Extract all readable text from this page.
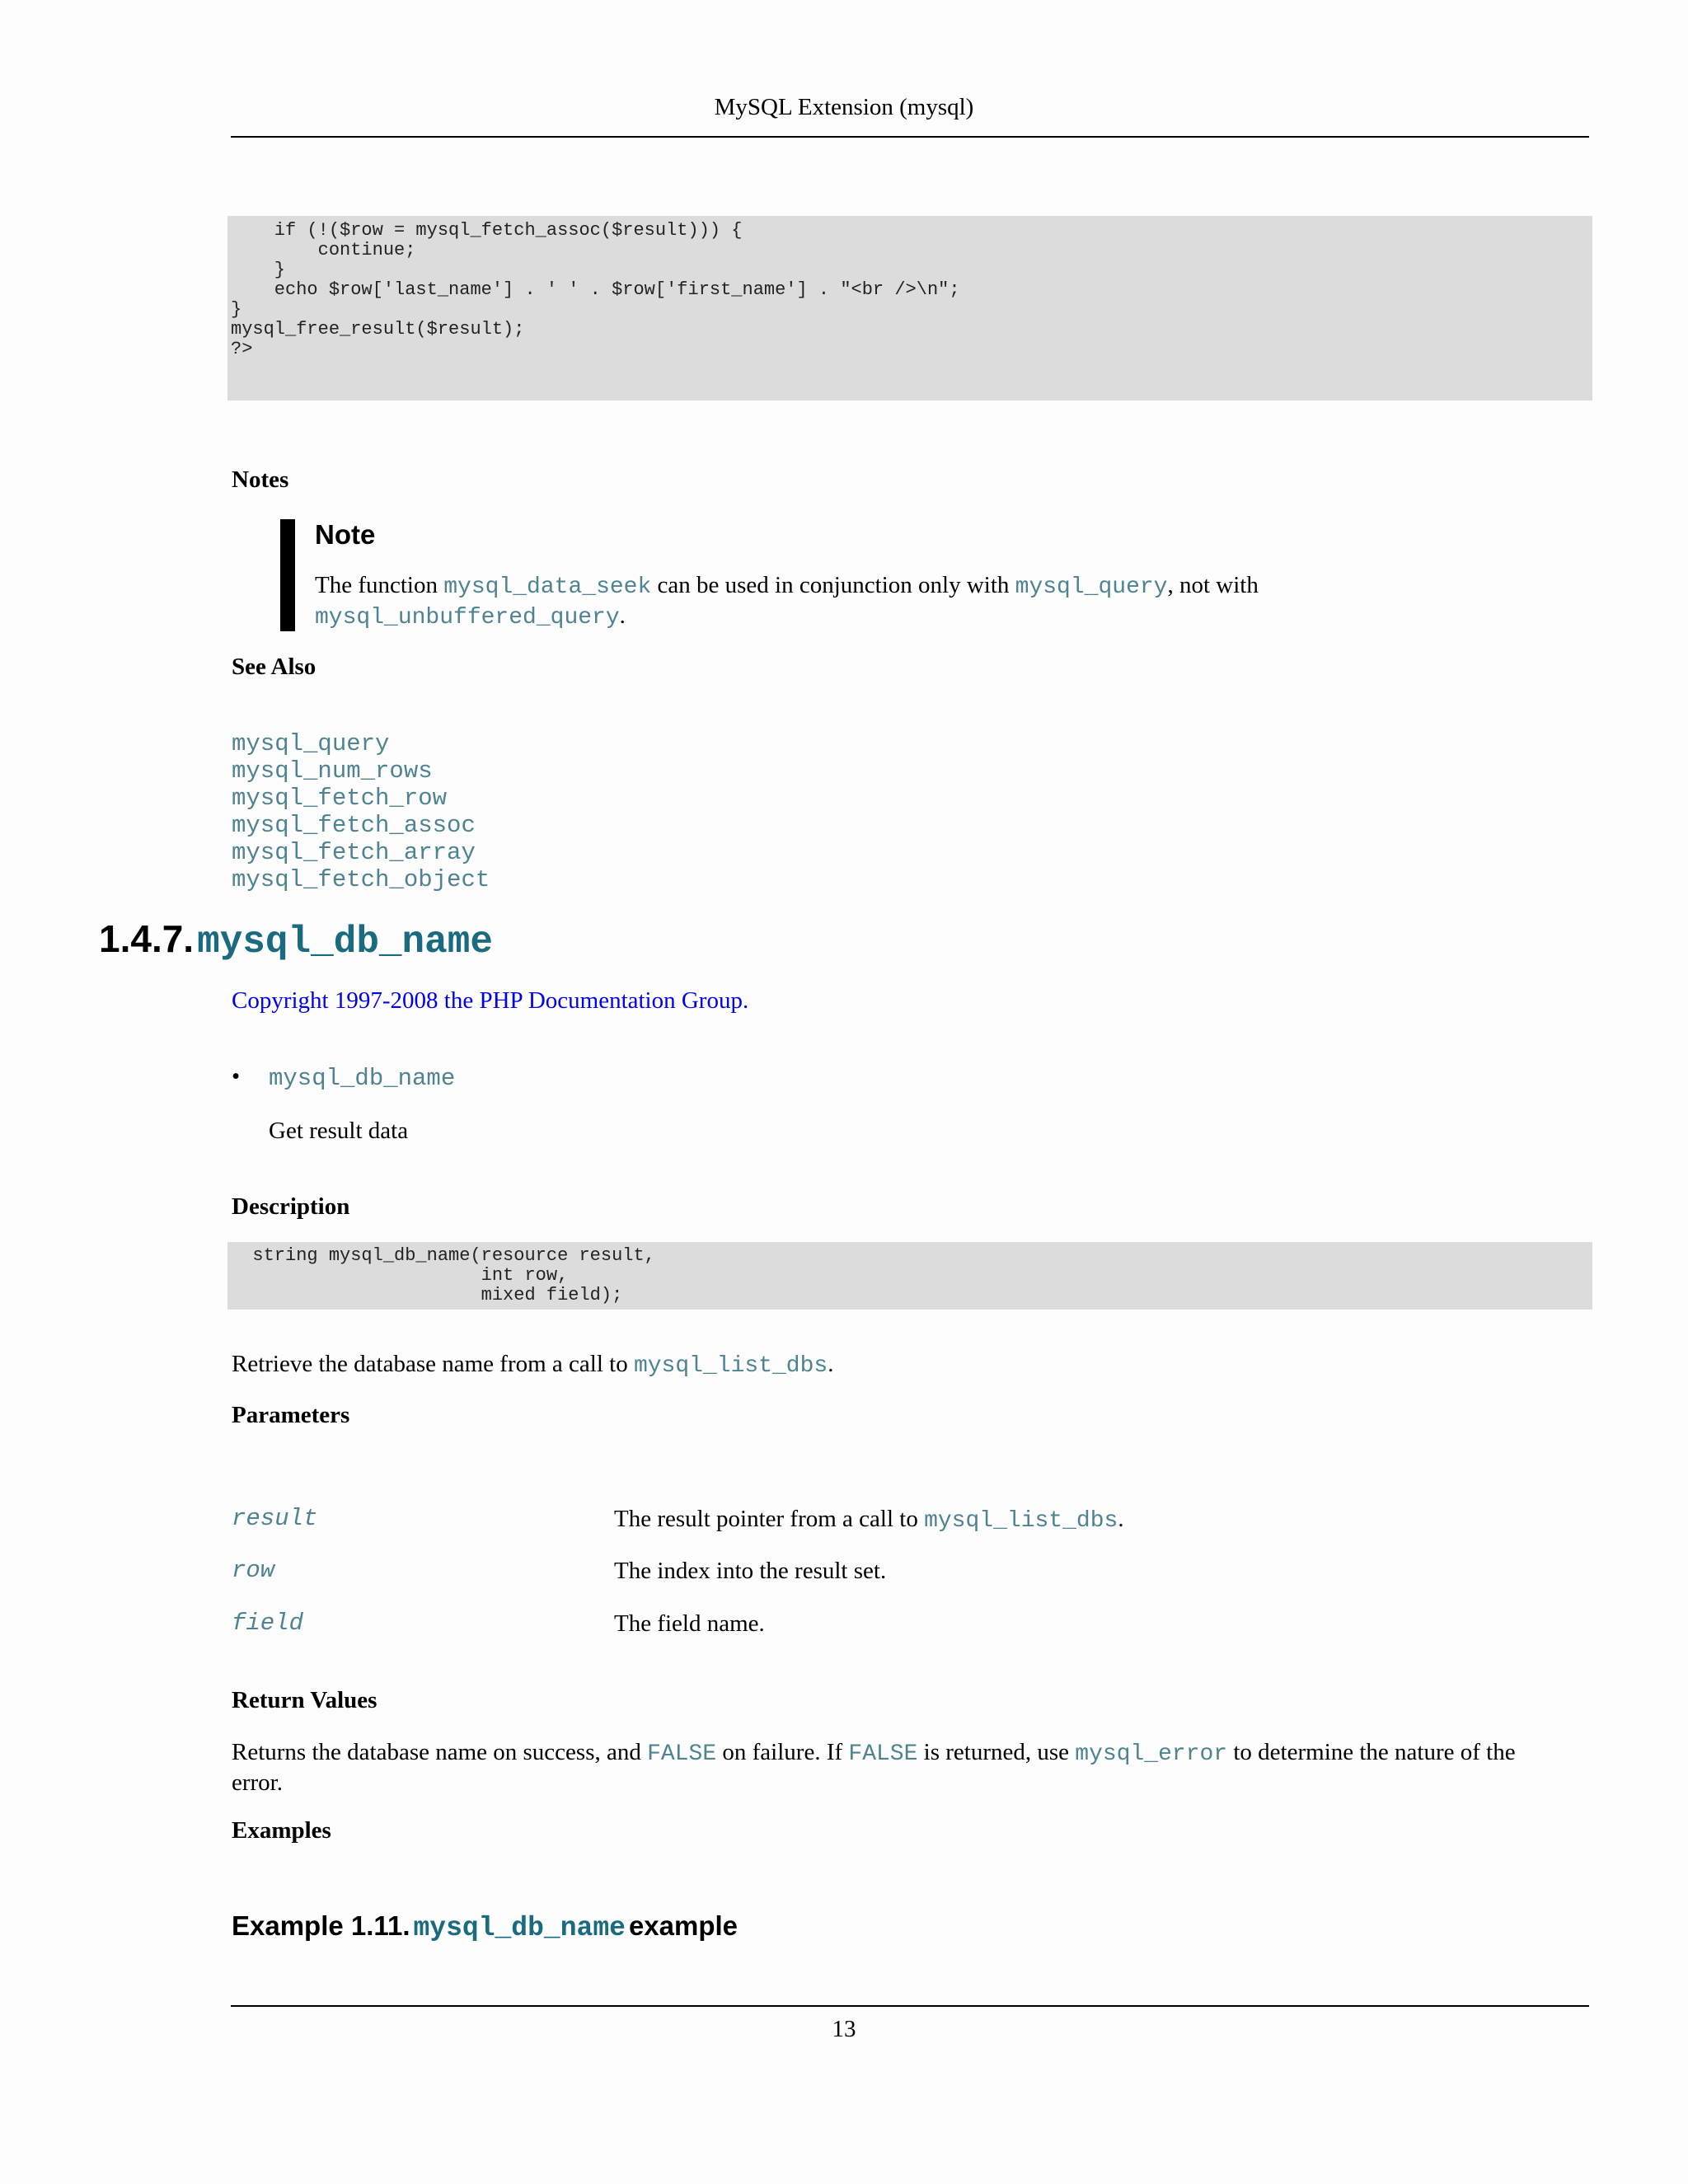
MySQL Extension (mysql)
if (!($row = mysql_fetch_assoc($result))) {
continue;
}
echo $row['last_name'] . ' ' . $row['first_name'] . "<br />\n";
}
mysql_free_result($result);
?>
Notes
Note
The function mysql_data_seek can be used in conjunction only with mysql_query, not with
mysql_unbuffered_query.
See Also
mysql_query
mysql_num_rows
mysql_fetch_row
mysql_fetch_assoc
mysql_fetch_array
mysql_fetch_object
1.4.7. mysql_db_name
Copyright 1997-2008 the PHP Documentation Group.
• mysql_db_name
Get result data
Description
string mysql_db_name(resource result,
int row,
mixed field);
Retrieve the database name from a call to mysql_list_dbs.
Parameters
result	The result pointer from a call to mysql_list_dbs.
row	The index into the result set.
field	The field name.
Return Values
Returns the database name on success, and FALSE on failure. If FALSE is returned, use mysql_error to determine the nature of the
error.
Examples
Example 1.11. mysql_db_name example
13
